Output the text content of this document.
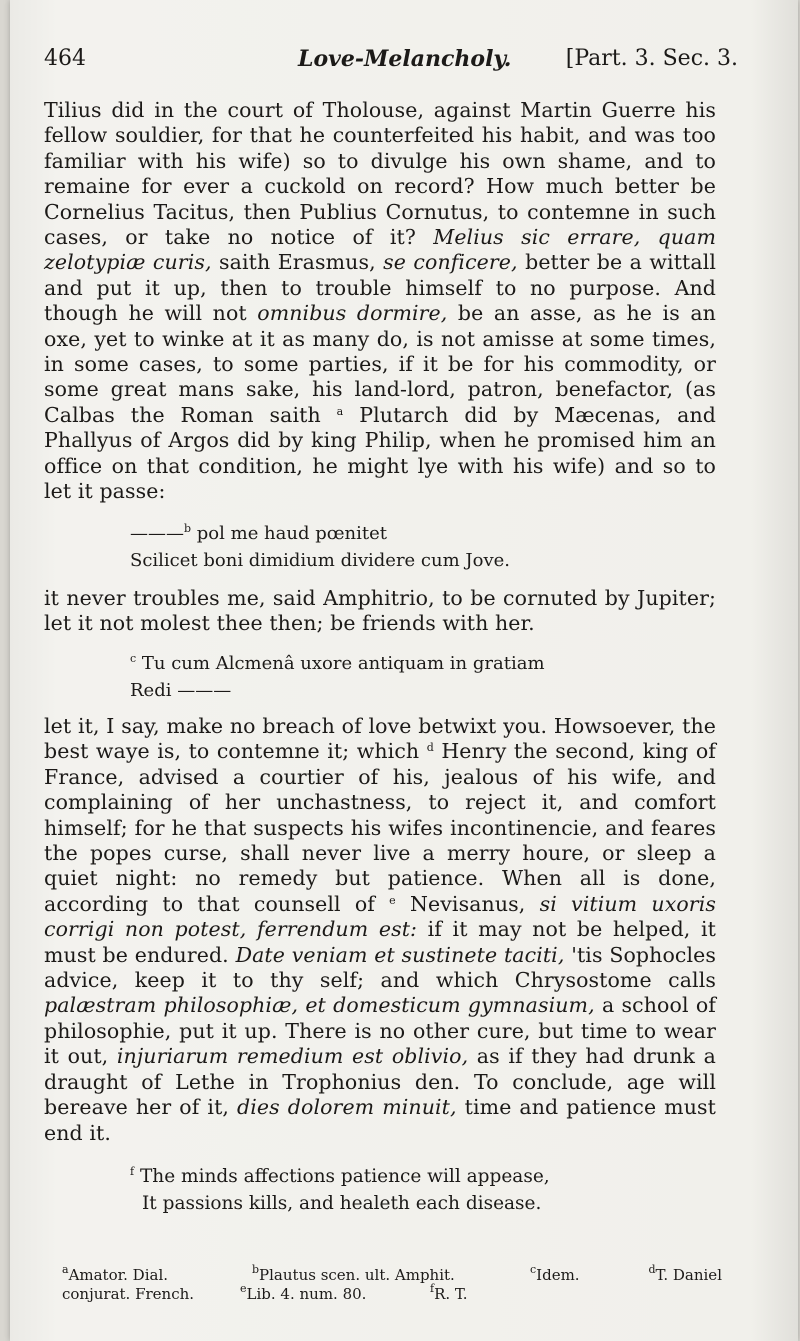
464	Love-Melancholy. [Part. 3. Sec. 3.

Tilius did in the court of Tholouse, against Martin Guerre his fellow souldier, for that he counterfeited his habit, and was too familiar with his wife) so to divulge his own shame, and to remaine for ever a cuckold on record? How much better be Cornelius Tacitus, then Publius Cornutus, to contemne in such cases, or take no notice of it? Melius sic errare, quam zelotypiæ curis, saith Erasmus, se conficere, better be a wittall and put it up, then to trouble himself to no purpose. And though he will not omnibus dormire, be an asse, as he is an oxe, yet to winke at it as many do, is not amisse at some times, in some cases, to some parties, if it be for his commodity, or some great mans sake, his land-lord, patron, benefactor, (as Calbas the Roman saith $^a$ Plutarch did by Mæcenas, and Phallyus of Argos did by king Philip, when he promised him an office on that condition, he might lye with his wife) and so to let it passe:

———$^b$ pol me haud pœnitet
Scilicet boni dimidium dividere cum Jove.

it never troubles me, said Amphitrio, to be cornuted by Jupiter; let it not molest thee then; be friends with her.

$^c$ Tu cum Alcmenâ uxore antiquam in gratiam
Redi ———

let it, I say, make no breach of love betwixt you. Howsoever, the best waye is, to contemne it; which $^d$ Henry the second, king of France, advised a courtier of his, jealous of his wife, and complaining of her unchastness, to reject it, and comfort himself; for he that suspects his wifes incontinencie, and feares the popes curse, shall never live a merry houre, or sleep a quiet night: no remedy but patience. When all is done, according to that counsell of $^e$ Nevisanus, si vitium uxoris corrigi non potest, ferrendum est: if it may not be helped, it must be endured. Date veniam et sustinete taciti, 'tis Sophocles advice, keep it to thy self; and which Chrysostome calls palæstram philosophiæ, et domesticum gymnasium, a school of philosophie, put it up. There is no other cure, but time to wear it out, injuriarum remedium est oblivio, as if they had drunk a draught of Lethe in Trophonius den. To conclude, age will bereave her of it, dies dolorem minuit, time and patience must end it.

$^f$ The minds affections patience will appease,
It passions kills, and healeth each disease.
$^a$Amator. Dial.	$^b$Plautus scen. ult. Amphit.	$^c$Idem.	$^d$T. Daniel
conjurat. French.	$^e$Lib. 4. num. 80.	$^f$R. T.
